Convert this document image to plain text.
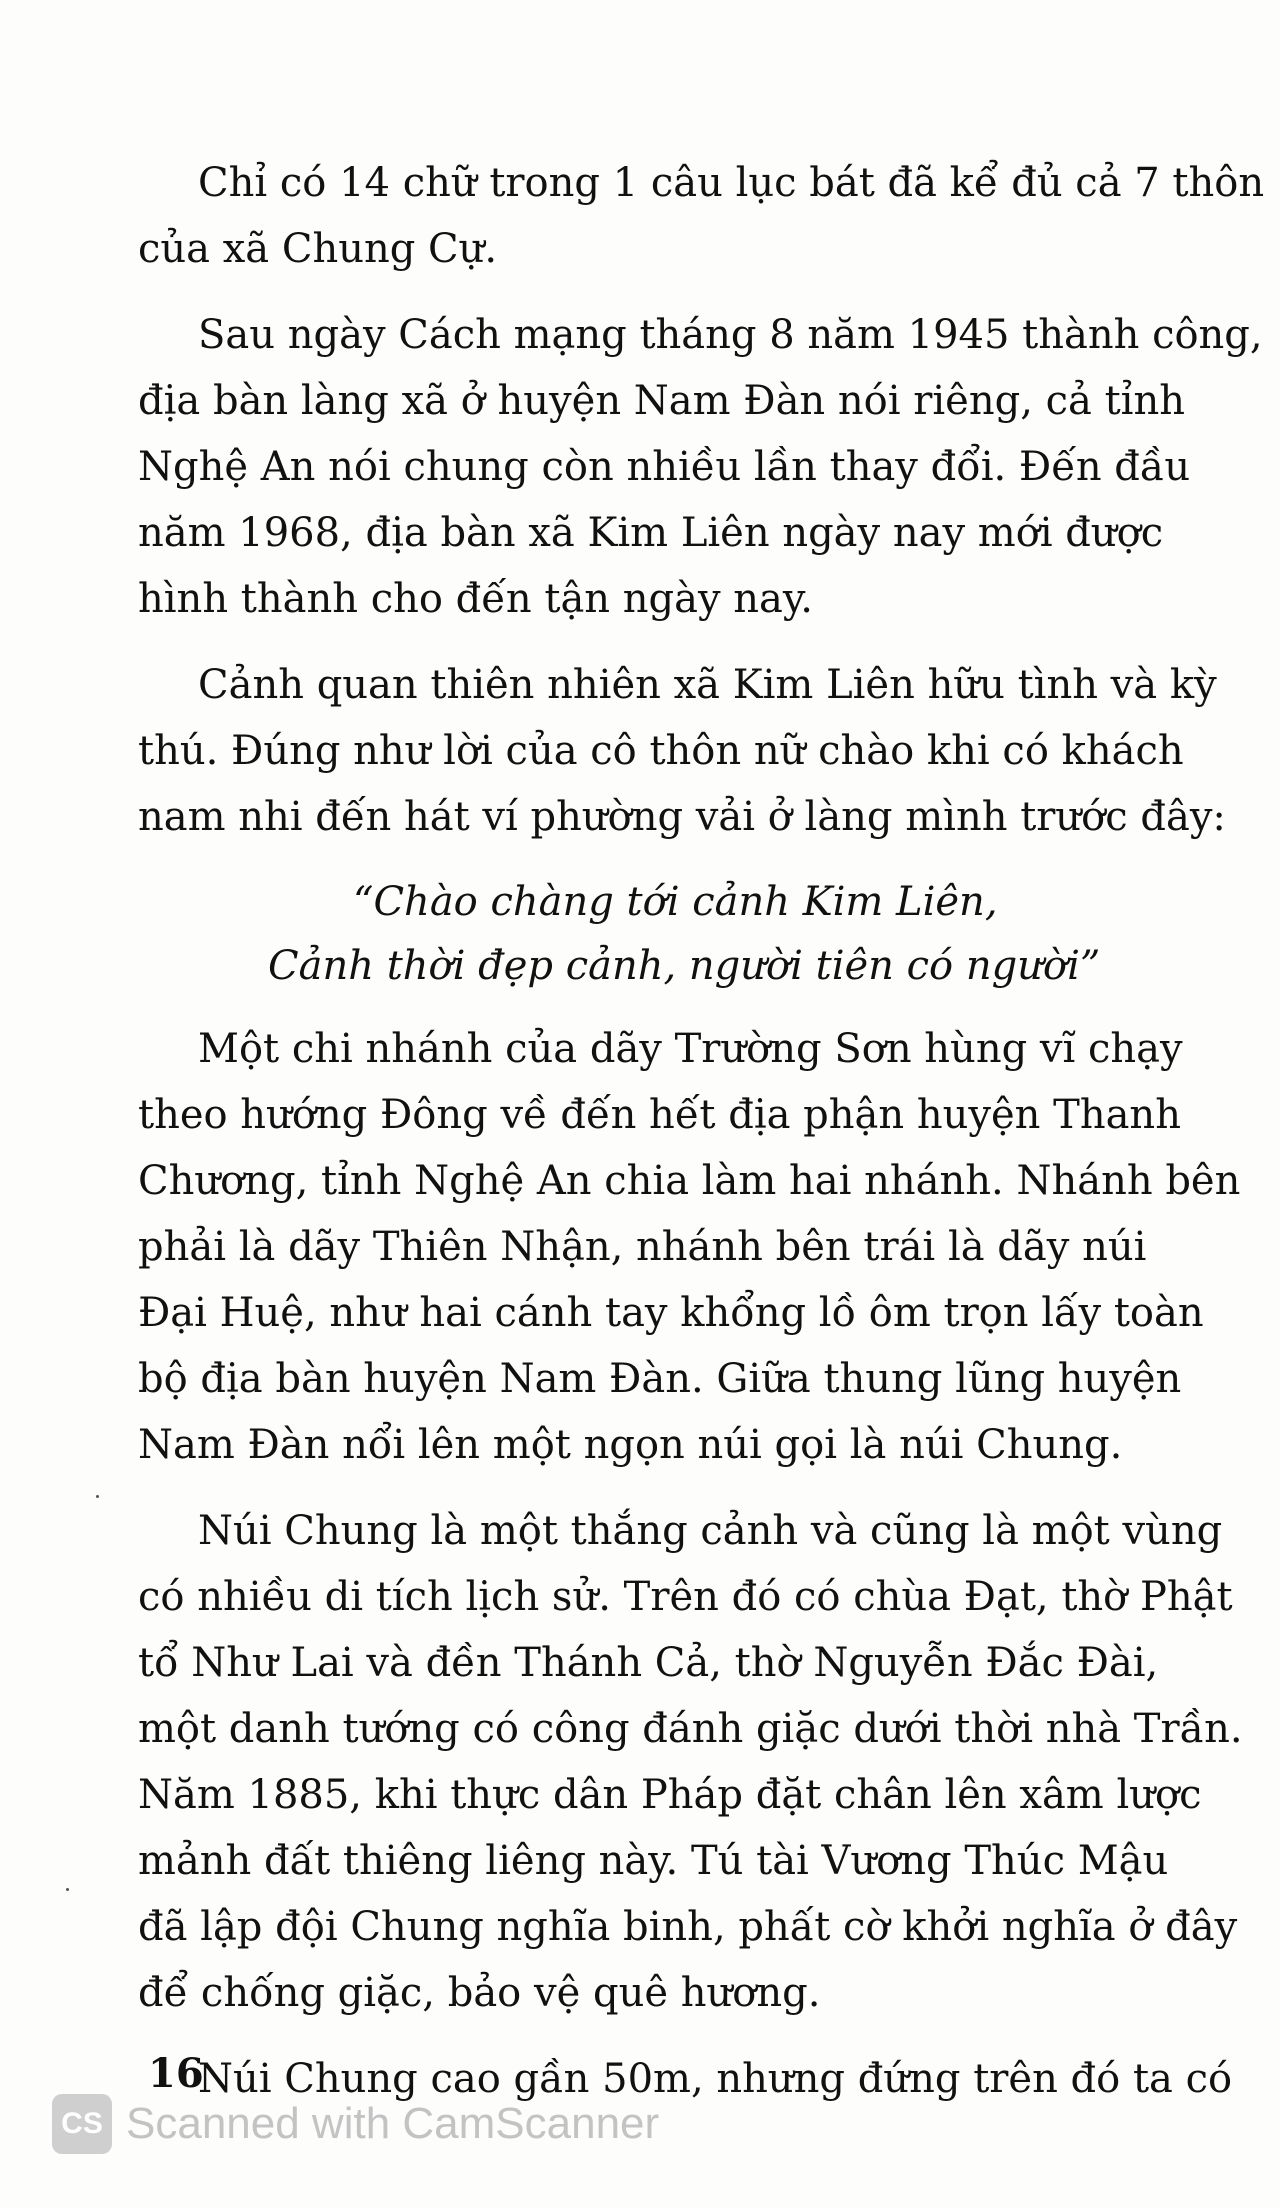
Chỉ có 14 chữ trong 1 câu lục bát đã kể đủ cả 7 thôn
của xã Chung Cự.

Sau ngày Cách mạng tháng 8 năm 1945 thành công,
địa bàn làng xã ở huyện Nam Đàn nói riêng, cả tỉnh
Nghệ An nói chung còn nhiều lần thay đổi. Đến đầu
năm 1968, địa bàn xã Kim Liên ngày nay mới được
hình thành cho đến tận ngày nay.

Cảnh quan thiên nhiên xã Kim Liên hữu tình và kỳ
thú. Đúng như lời của cô thôn nữ chào khi có khách
nam nhi đến hát ví phường vải ở làng mình trước đây:

“Chào chàng tới cảnh Kim Liên,
Cảnh thời đẹp cảnh, người tiên có người”

Một chi nhánh của dãy Trường Sơn hùng vĩ chạy
theo hướng Đông về đến hết địa phận huyện Thanh
Chương, tỉnh Nghệ An chia làm hai nhánh. Nhánh bên
phải là dãy Thiên Nhận, nhánh bên trái là dãy núi
Đại Huệ, như hai cánh tay khổng lồ ôm trọn lấy toàn
bộ địa bàn huyện Nam Đàn. Giữa thung lũng huyện
Nam Đàn nổi lên một ngọn núi gọi là núi Chung.

Núi Chung là một thắng cảnh và cũng là một vùng
có nhiều di tích lịch sử. Trên đó có chùa Đạt, thờ Phật
tổ Như Lai và đền Thánh Cả, thờ Nguyễn Đắc Đài,
một danh tướng có công đánh giặc dưới thời nhà Trần.
Năm 1885, khi thực dân Pháp đặt chân lên xâm lược
mảnh đất thiêng liêng này. Tú tài Vương Thúc Mậu
đã lập đội Chung nghĩa binh, phất cờ khởi nghĩa ở đây
để chống giặc, bảo vệ quê hương.

Núi Chung cao gần 50m, nhưng đứng trên đó ta có

16
CS Scanned with CamScanner
